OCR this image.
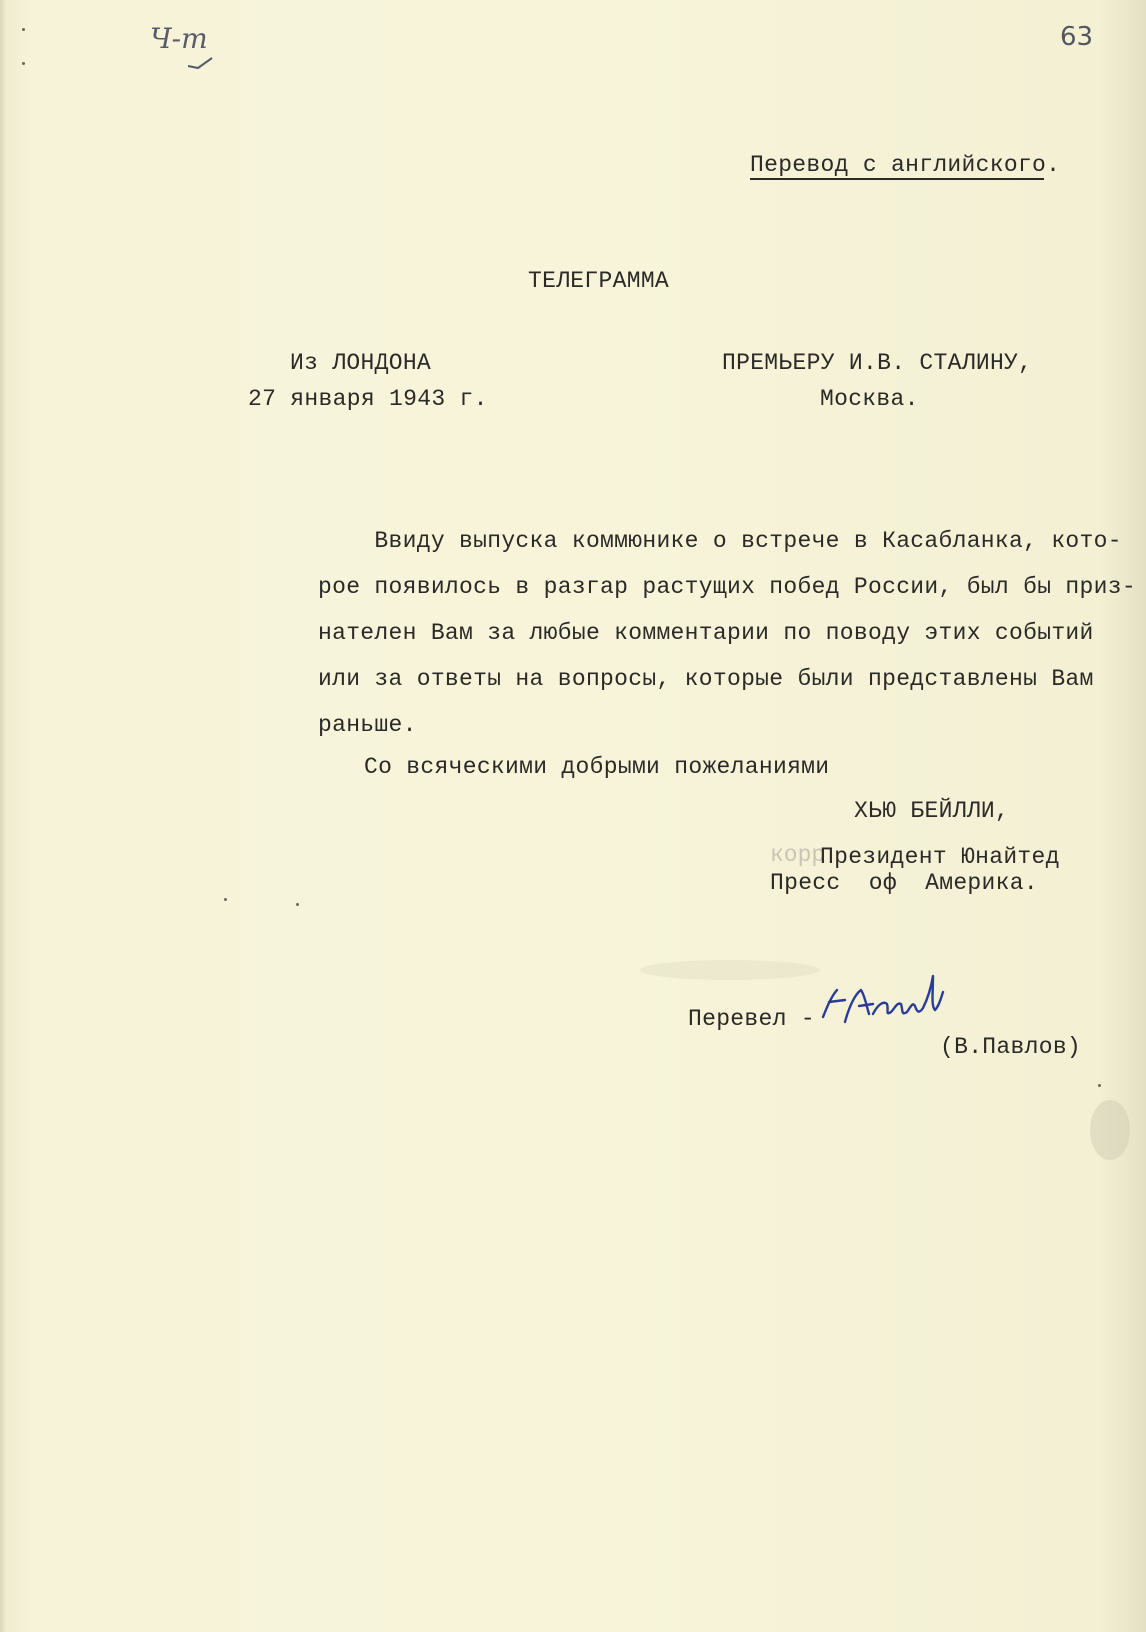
Ч-т	63
Перевод с английского.
ТЕЛЕГРАММА
Из ЛОНДОНА
27 января 1943 г.
ПРЕМЬЕРУ И.В. СТАЛИНУ,
Москва.
Ввиду выпуска коммюнике о встрече в Касабланка, кото-
рое появилось в разгар растущих побед России, был бы приз-
нателен Вам за любые комментарии по поводу этих событий
или за ответы на вопросы, которые были представлены Вам
раньше.
Со всяческими добрыми пожеланиями
ХЬЮ БЕЙЛЛИ,
корр
Президент Юнайтед
Пресс  оф  Америка.
Перевел -
(В.Павлов)
